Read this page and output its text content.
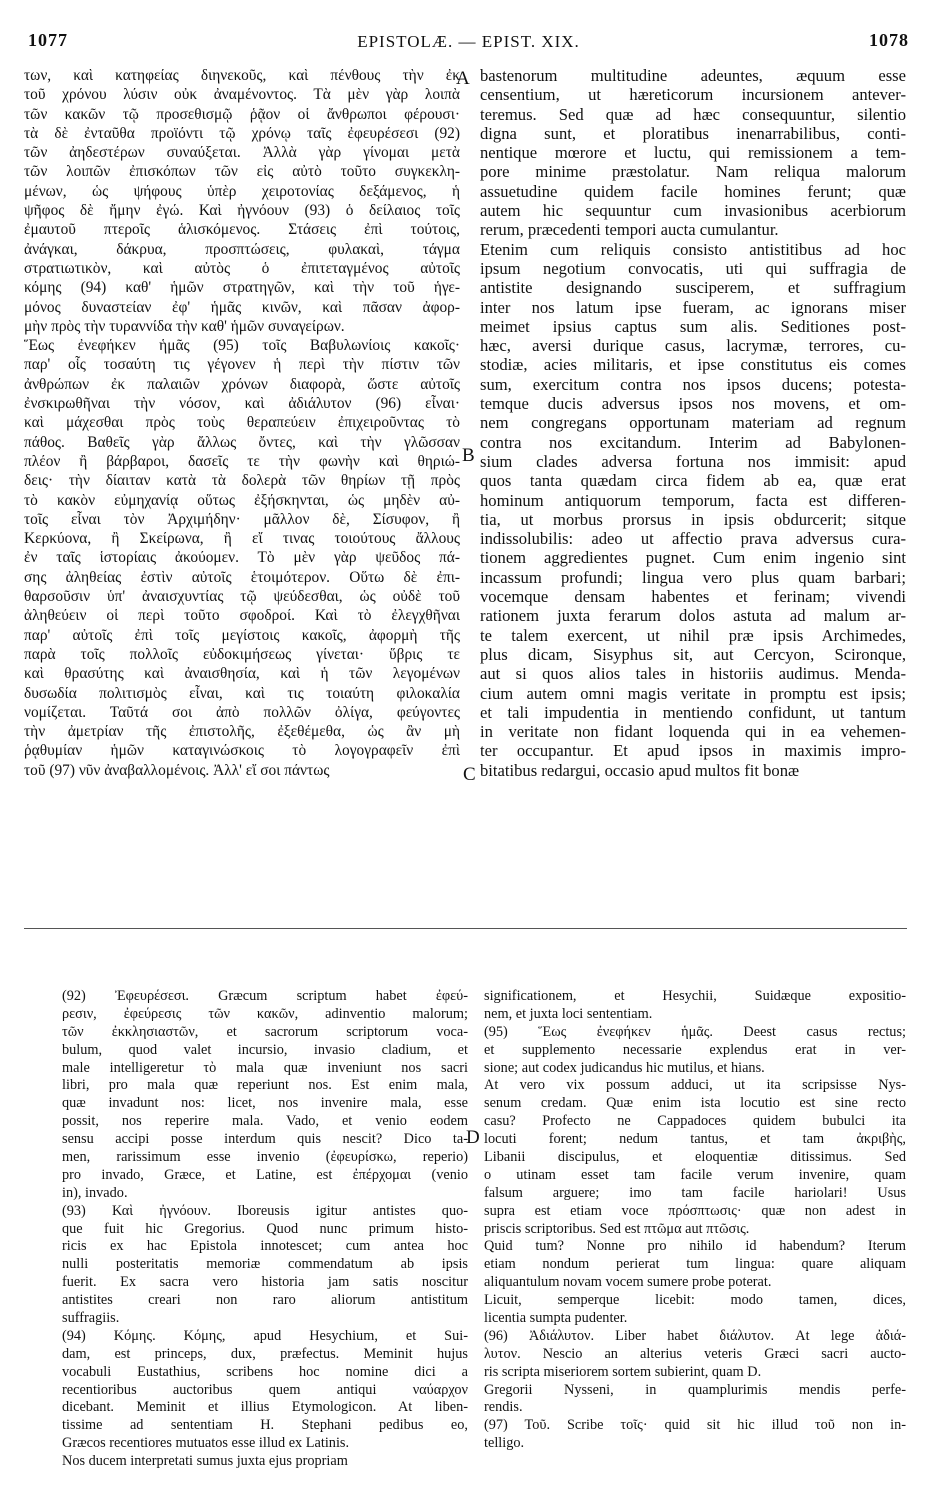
1077	EPISTOLÆ. — EPIST. XIX.	1078
των, καὶ κατηφείας διηνεκοῦς, καὶ πένθους τὴν ἐκ
τοῦ χρόνου λύσιν οὐκ ἀναμένοντος. Τὰ μὲν γὰρ λοιπὰ
τῶν κακῶν τῷ προσεθισμῷ ῥᾷον οἱ ἄνθρωποι φέρουσι·
τὰ δὲ ἐνταῦθα προϊόντι τῷ χρόνῳ ταῖς ἐφευρέσεσι (92)
τῶν ἀηδεστέρων συναύξεται. Ἀλλὰ γὰρ γίνομαι μετὰ
τῶν λοιπῶν ἐπισκόπων τῶν εἰς αὐτὸ τοῦτο συγκεκλη-
μένων, ὡς ψήφους ὑπὲρ χειροτονίας δεξάμενος, ἡ
ψῆφος δὲ ἤμην ἐγώ. Καὶ ἠγνόουν (93) ὁ δείλαιος τοῖς
ἐμαυτοῦ πτεροῖς ἁλισκόμενος. Στάσεις ἐπὶ τούτοις,
ἀνάγκαι, δάκρυα, προσπτώσεις, φυλακαὶ, τάγμα
στρατιωτικὸν, καὶ αὐτὸς ὁ ἐπιτεταγμένος αὐτοῖς
κόμης (94) καθ' ἡμῶν στρατηγῶν, καὶ τὴν τοῦ ἡγε-
μόνος δυναστείαν ἐφ' ἡμᾶς κινῶν, καὶ πᾶσαν ἀφορ-
μὴν πρὸς τὴν τυραννίδα τὴν καθ' ἡμῶν συναγείρων.
Ἕως ἐνεφήκεν ἡμᾶς (95) τοῖς Βαβυλωνίοις κακοῖς·
παρ' οἷς τοσαύτη τις γέγονεν ἡ περὶ τὴν πίστιν τῶν
ἀνθρώπων ἐκ παλαιῶν χρόνων διαφορὰ, ὥστε αὐτοῖς
ἐνσκιρωθῆναι τὴν νόσον, καὶ ἀδιάλυτον (96) εἶναι·
καὶ μάχεσθαι πρὸς τοὺς θεραπεύειν ἐπιχειροῦντας τὸ
πάθος. Βαθεῖς γὰρ ἄλλως ὄντες, καὶ τὴν γλῶσσαν
πλέον ἢ βάρβαροι, δασεῖς τε τὴν φωνὴν καὶ θηριώ-
δεις· τὴν δίαιταν κατὰ τὰ δολερὰ τῶν θηρίων τῇ πρὸς
τὸ κακὸν εὐμηχανίᾳ οὕτως ἐξήσκηνται, ὡς μηδὲν αὐ-
τοῖς εἶναι τὸν Ἀρχιμήδην· μᾶλλον δὲ, Σίσυφον, ἢ
Κερκύονα, ἢ Σκείρωνα, ἢ εἴ τινας τοιούτους ἄλλους
ἐν ταῖς ἱστορίαις ἀκούομεν. Τὸ μὲν γὰρ ψεῦδος πά-
σης ἀληθείας ἐστὶν αὐτοῖς ἑτοιμότερον. Οὕτω δὲ ἐπι-
θαρσοῦσιν ὑπ' ἀναισχυντίας τῷ ψεύδεσθαι, ὡς οὐδὲ τοῦ
ἀληθεύειν οἱ περὶ τοῦτο σφοδροί. Καὶ τὸ ἐλεγχθῆναι
παρ' αὐτοῖς ἐπὶ τοῖς μεγίστοις κακοῖς, ἀφορμὴ τῆς
παρὰ τοῖς πολλοῖς εὐδοκιμήσεως γίνεται· ὕβρις τε
καὶ θρασύτης καὶ ἀναισθησία, καὶ ἡ τῶν λεγομένων
δυσωδία πολιτισμὸς εἶναι, καὶ τις τοιαύτη φιλοκαλία
νομίζεται. Ταῦτά σοι ἀπὸ πολλῶν ὀλίγα, φεύγοντες
τὴν ἀμετρίαν τῆς ἐπιστολῆς, ἐξεθέμεθα, ὡς ἂν μὴ
ῥᾳθυμίαν ἡμῶν καταγινώσκοις τὸ λογογραφεῖν ἐπὶ
τοῦ (97) νῦν ἀναβαλλομένοις. Ἀλλ' εἴ σοι πάντως
bastenorum multitudine adeuntes, æquum esse
censentium, ut hæreticorum incursionem antever-
teremus. Sed quæ ad hæc consequuntur, silentio
digna sunt, et ploratibus inenarrabilibus, conti-
nentique mœrore et luctu, qui remissionem a tem-
pore minime præstolatur. Nam reliqua malorum
assuetudine quidem facile homines ferunt; quæ
autem hic sequuntur cum invasionibus acerbiorum
rerum, præcedenti tempori aucta cumulantur.
Etenim cum reliquis consisto antistitibus ad hoc
ipsum negotium convocatis, uti qui suffragia de
antistite designando susciperem, et suffragium
inter nos latum ipse fueram, ac ignorans miser
meimet ipsius captus sum alis. Seditiones post-
hæc, aversi durique casus, lacrymæ, terrores, cu-
stodiæ, acies militaris, et ipse constitutus eis comes
sum, exercitum contra nos ipsos ducens; potesta-
temque ducis adversus ipsos nos movens, et om-
nem congregans opportunam materiam ad regnum
contra nos excitandum. Interim ad Babylonen-
sium clades adversa fortuna nos immisit: apud
quos tanta quædam circa fidem ab ea, quæ erat
hominum antiquorum temporum, facta est differen-
tia, ut morbus prorsus in ipsis obdurcerit; sitque
indissolubilis: adeo ut affectio prava adversus cura-
tionem aggredientes pugnet. Cum enim ingenio sint
incassum profundi; lingua vero plus quam barbari;
vocemque densam habentes et ferinam; vivendi
rationem juxta ferarum dolos astuta ad malum ar-
te talem exercent, ut nihil præ ipsis Archimedes,
plus dicam, Sisyphus sit, aut Cercyon, Scironque,
aut si quos alios tales in historiis audimus. Menda-
cium autem omni magis veritate in promptu est ipsis;
et tali impudentia in mentiendo confidunt, ut tantum
in veritate non fidant loquenda qui in ea vehemen-
ter occupantur. Et apud ipsos in maximis impro-
bitatibus redargui, occasio apud multos fit bonæ
A
B
C
D
(92) Ἐφευρέσεσι. Græcum scriptum habet ἐφεύ-
ρεσιν, ἐφεύρεσις τῶν κακῶν, adinventio malorum;
τῶν ἐκκλησιαστῶν, et sacrorum scriptorum voca-
bulum, quod valet incursio, invasio cladium, et
male intelligeretur τὸ mala quæ inveniunt nos sacri
libri, pro mala quæ reperiunt nos. Est enim mala,
quæ invadunt nos: licet, nos invenire mala, esse
possit, nos reperire mala. Vado, et venio eodem
sensu accipi posse interdum quis nescit? Dico ta-
men, rarissimum esse invenio (ἐφευρίσκω, reperio)
pro invado, Græce, et Latine, est ἐπέρχομαι (venio
in), invado.
(93) Καὶ ἠγνόουν. Iboreusis igitur antistes quo-
que fuit hic Gregorius. Quod nunc primum histo-
ricis ex hac Epistola innotescet; cum antea hoc
nulli posteritatis memoriæ commendatum ab ipsis
fuerit. Ex sacra vero historia jam satis noscitur
antistites creari non raro aliorum antistitum
suffragiis.
(94) Κόμης. Κόμης, apud Hesychium, et Sui-
dam, est princeps, dux, præfectus. Meminit hujus
vocabuli Eustathius, scribens hoc nomine dici a
recentioribus auctoribus quem antiqui ναύαρχον
dicebant. Meminit et illius Etymologicon. At liben-
tissime ad sententiam H. Stephani pedibus eo,
Græcos recentiores mutuatos esse illud ex Latinis.
Nos ducem interpretati sumus juxta ejus propriam
significationem, et Hesychii, Suidæque expositio-
nem, et juxta loci sententiam.
(95) Ἕως ἐνεφήκεν ἡμᾶς. Deest casus rectus;
et supplemento necessarie explendus erat in ver-
sione; aut codex judicandus hic mutilus, et hians.
At vero vix possum adduci, ut ita scripsisse Nys-
senum credam. Quæ enim ista locutio est sine recto
casu? Profecto ne Cappadoces quidem bubulci ita
locuti forent; nedum tantus, et tam ἀκριβὴς,
Libanii discipulus, et eloquentiæ ditissimus. Sed
o utinam esset tam facile verum invenire, quam
falsum arguere; imo tam facile hariolari! Usus
supra est etiam voce πρόσπτωσις· quæ non adest in
priscis scriptoribus. Sed est πτῶμα aut πτῶσις.
Quid tum? Nonne pro nihilo id habendum? Iterum
etiam nondum perierat tum lingua: quare aliquam
aliquantulum novam vocem sumere probe poterat.
Licuit, semperque licebit: modo tamen, dices,
licentia sumpta pudenter.
(96) Ἀδιάλυτον. Liber habet διάλυτον. At lege ἀδιά-
λυτον. Nescio an alterius veteris Græci sacri aucto-
ris scripta miseriorem sortem subierint, quam D.
Gregorii Nysseni, in quamplurimis mendis perfe-
rendis.
(97) Τοῦ. Scribe τοῖς· quid sit hic illud τοῦ non in-
telligo.
